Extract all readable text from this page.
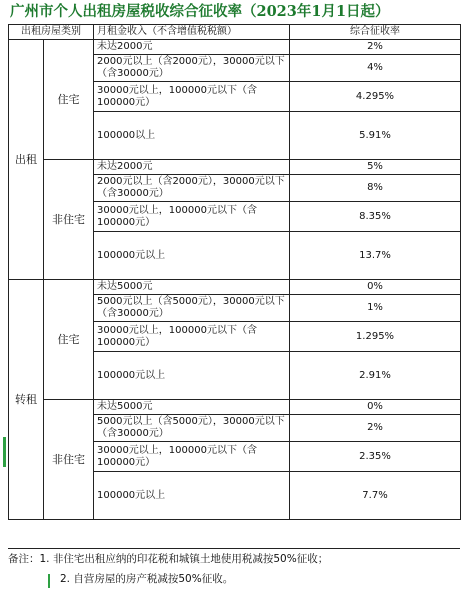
广州市个人出租房屋税收综合征收率（2023年1月1日起）
出租房屋类别		月租金收入（不含增值税税额）	综合征收率
出租	住宅	未达2000元	2%
		2000元以上（含2000元），30000元以下（含30000元）	4%
		30000元以上，100000元以下（含100000元）	4.295%
		100000以上	5.91%
	非住宅	未达2000元	5%
		2000元以上（含2000元），30000元以下（含30000元）	8%
		30000元以上，100000元以下（含100000元）	8.35%
		100000元以上	13.7%
转租	住宅	未达5000元	0%
		5000元以上（含5000元），30000元以下（含30000元）	1%
		30000元以上，100000元以下（含100000元）	1.295%
		100000元以上	2.91%
	非住宅	未达5000元	0%
		5000元以上（含5000元），30000元以下（含30000元）	2%
		30000元以上，100000元以下（含100000元）	2.35%
		100000元以上	7.7%
备注：1. 非住宅出租应纳的印花税和城镇土地使用税减按50%征收；
2. 自营房屋的房产税减按50%征收。
